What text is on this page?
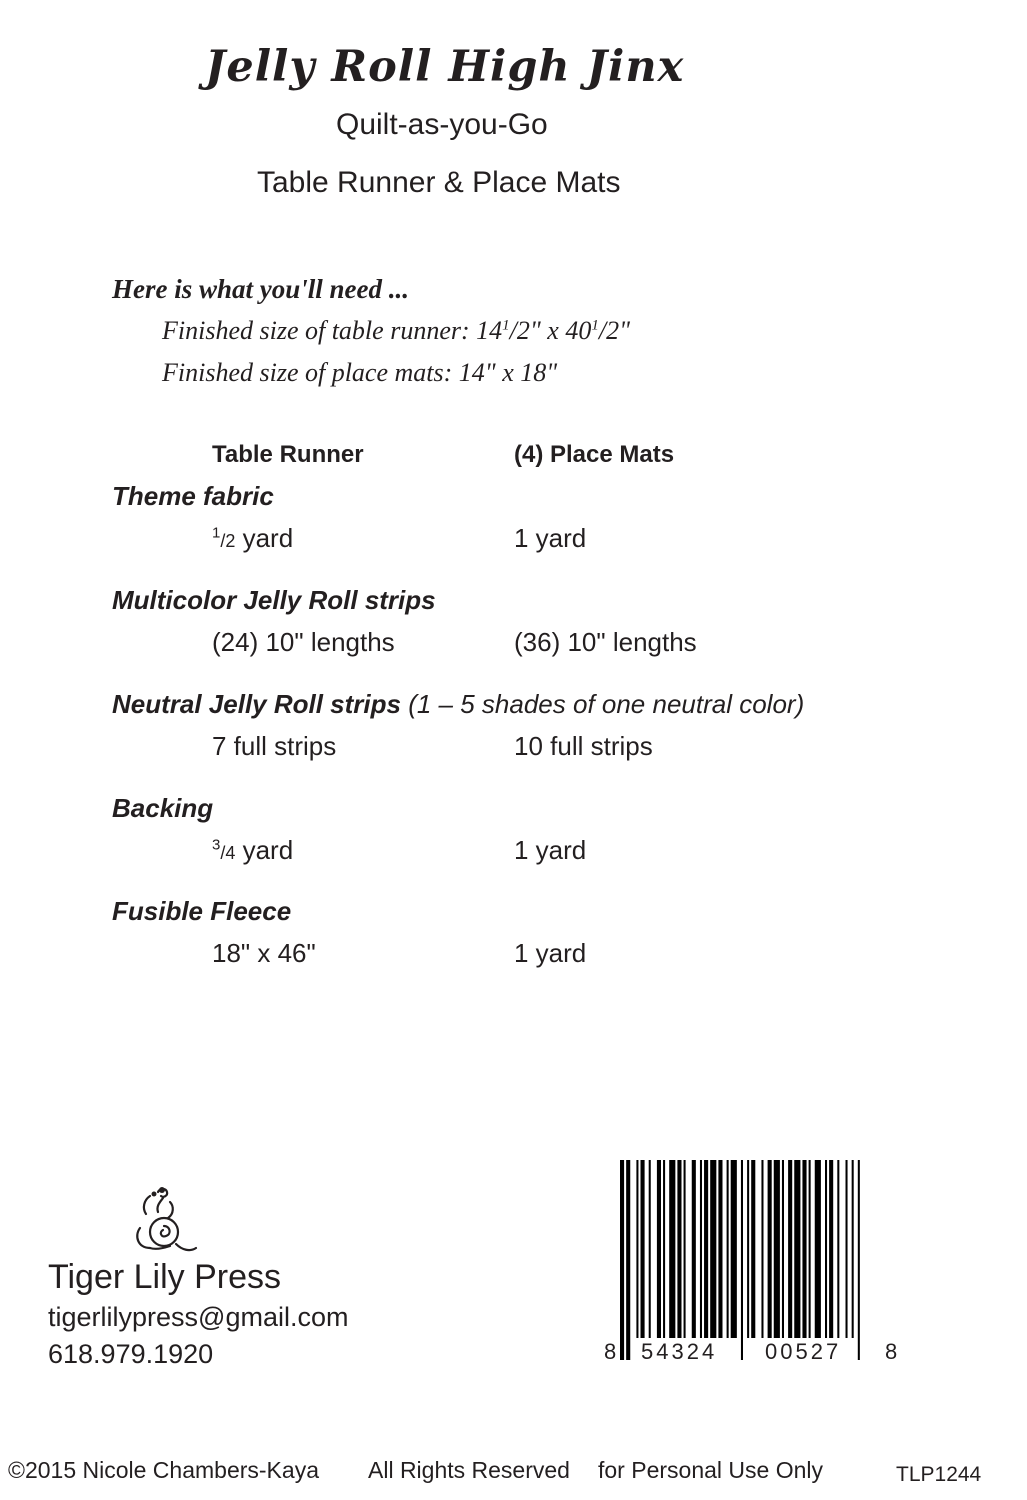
Jelly Roll High Jinx
Quilt-as-you-Go
Table Runner & Place Mats
Here is what you'll need ...
Finished size of table runner: $14^1/2$" x $40^1/2$"
Finished size of place mats: 14" x 18"
Table Runner	(4) Place Mats
Theme fabric
$^1$/2 yard	1 yard
Multicolor Jelly Roll strips
(24) 10" lengths	(36) 10" lengths
Neutral Jelly Roll strips (1 – 5 shades of one neutral color)
7 full strips	10 full strips
Backing
$^3$/4 yard	1 yard
Fusible Fleece
18" x 46"	1 yard
Tiger Lily Press
tigerlilypress@gmail.com
618.979.1920	8 54324 00527 8
©2015 Nicole Chambers-Kaya All Rights Reserved for Personal Use Only	TLP1244
